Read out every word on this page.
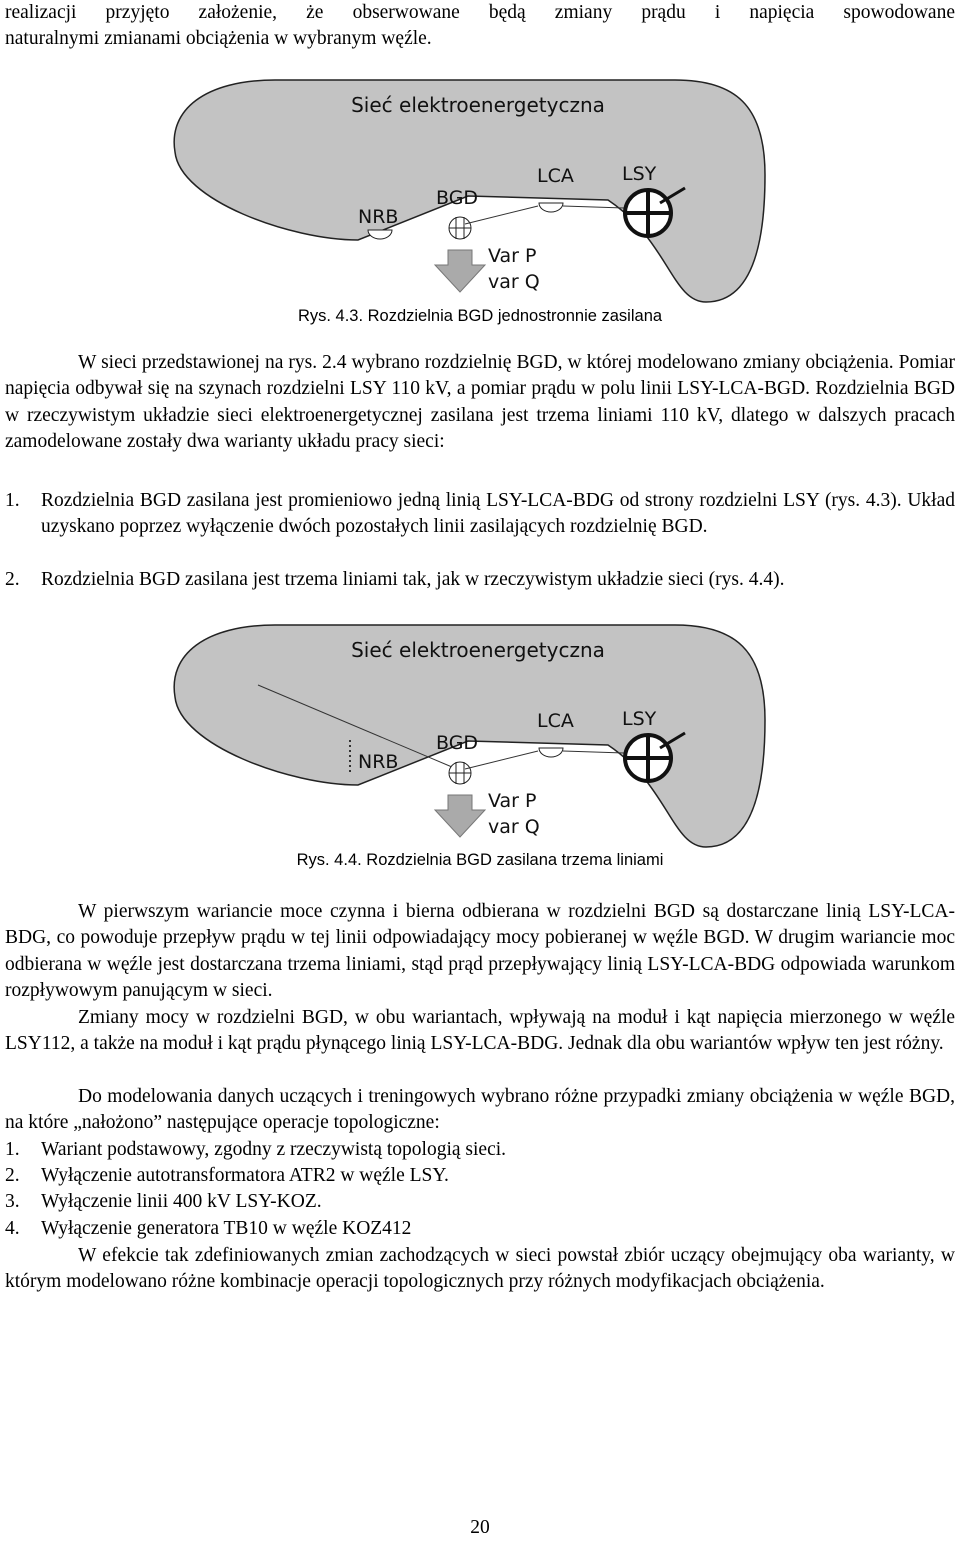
realizacji przyjęto założenie, że obserwowane będą zmiany prądu i napięcia spowodowane

naturalnymi zmianami obciążenia w wybranym węźle.

Sieć elektroenergetyczna
NRB
BGD
LCA	LSY
Var P
var Q

Rys. 4.3. Rozdzielnia BGD jednostronnie zasilana

W sieci przedstawionej na rys. 2.4 wybrano rozdzielnię BGD, w której modelowano zmiany obciążenia. Pomiar napięcia odbywał się na szynach rozdzielni LSY 110 kV, a pomiar prądu w polu linii LSY-LCA-BGD. Rozdzielnia BGD w rzeczywistym układzie sieci elektroenergetycznej zasilana jest trzema liniami 110 kV, dlatego w dalszych pracach zamodelowane zostały dwa warianty układu pracy sieci:

1.	Rozdzielnia BGD zasilana jest promieniowo jedną linią LSY-LCA-BDG od strony rozdzielni LSY (rys. 4.3). Układ uzyskano poprzez wyłączenie dwóch pozostałych linii zasilających rozdzielnię BGD.
2.	Rozdzielnia BGD zasilana jest trzema liniami tak, jak w rzeczywistym układzie sieci (rys. 4.4).
Sieć elektroenergetyczna
NRB
BGD
LCA	LSY
Var P
var Q

Rys. 4.4. Rozdzielnia BGD zasilana trzema liniami

W pierwszym wariancie moce czynna i bierna odbierana w rozdzielni BGD są dostarczane linią LSY-LCA-BDG, co powoduje przepływ prądu w tej linii odpowiadający mocy pobieranej w węźle BGD. W drugim wariancie moc odbierana w węźle jest dostarczana trzema liniami, stąd prąd przepływający linią LSY-LCA-BDG odpowiada warunkom rozpływowym panującym w sieci.

Zmiany mocy w rozdzielni BGD, w obu wariantach, wpływają na moduł i kąt napięcia mierzonego w węźle LSY112, a także na moduł i kąt prądu płynącego linią LSY-LCA-BDG. Jednak dla obu wariantów wpływ ten jest różny.

Do modelowania danych uczących i treningowych wybrano różne przypadki zmiany obciążenia w węźle BGD, na które „nałożono” następujące operacje topologiczne:

1.	Wariant podstawowy, zgodny z rzeczywistą topologią sieci.
2.	Wyłączenie autotransformatora ATR2 w węźle LSY.
3.	Wyłączenie linii 400 kV LSY-KOZ.
4.	Wyłączenie generatora TB10 w węźle KOZ412

W efekcie tak zdefiniowanych zmian zachodzących w sieci powstał zbiór uczący obejmujący oba warianty, w którym modelowano różne kombinacje operacji topologicznych przy różnych modyfikacjach obciążenia.

20
